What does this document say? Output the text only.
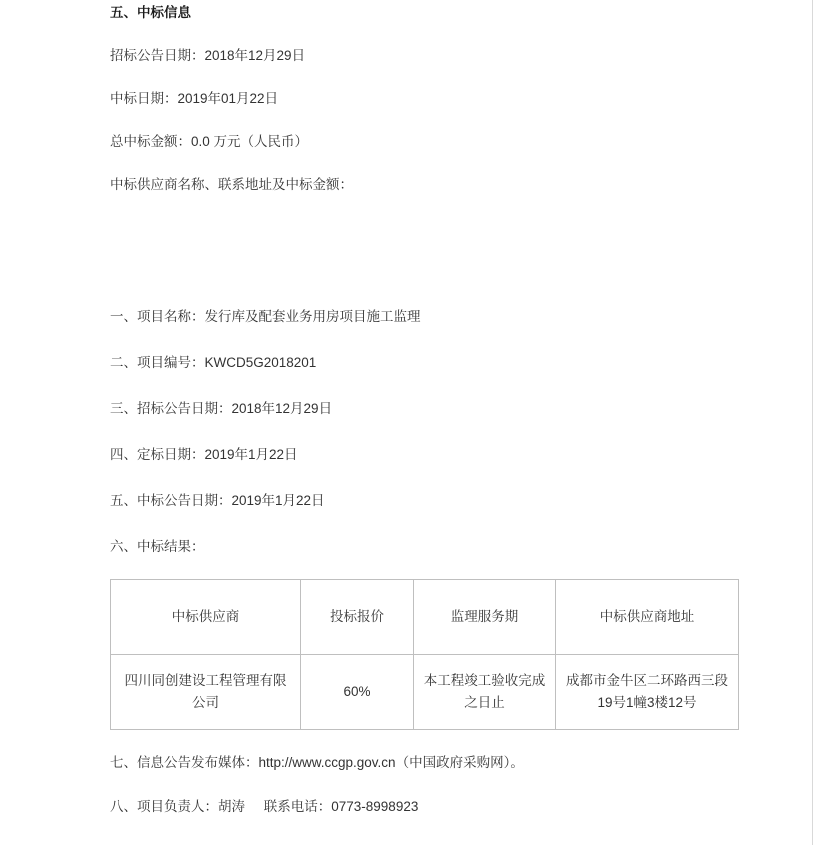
五、中标信息

招标公告日期：2018年12月29日

中标日期：2019年01月22日

总中标金额：0.0 万元（人民币）

中标供应商名称、联系地址及中标金额：

一、项目名称：发行库及配套业务用房项目施工监理

二、项目编号：KWCD5G2018201

三、招标公告日期：2018年12月29日

四、定标日期：2019年1月22日

五、中标公告日期：2019年1月22日

六、中标结果：

中标供应商	投标报价	监理服务期	中标供应商地址
四川同创建设工程管理有限公司	60%	本工程竣工验收完成之日止	成都市金牛区二环路西三段19号1幢3楼12号

七、信息公告发布媒体：http://www.ccgp.gov.cn（中国政府采购网）。

八、项目负责人：胡涛     联系电话：0773-8998923
